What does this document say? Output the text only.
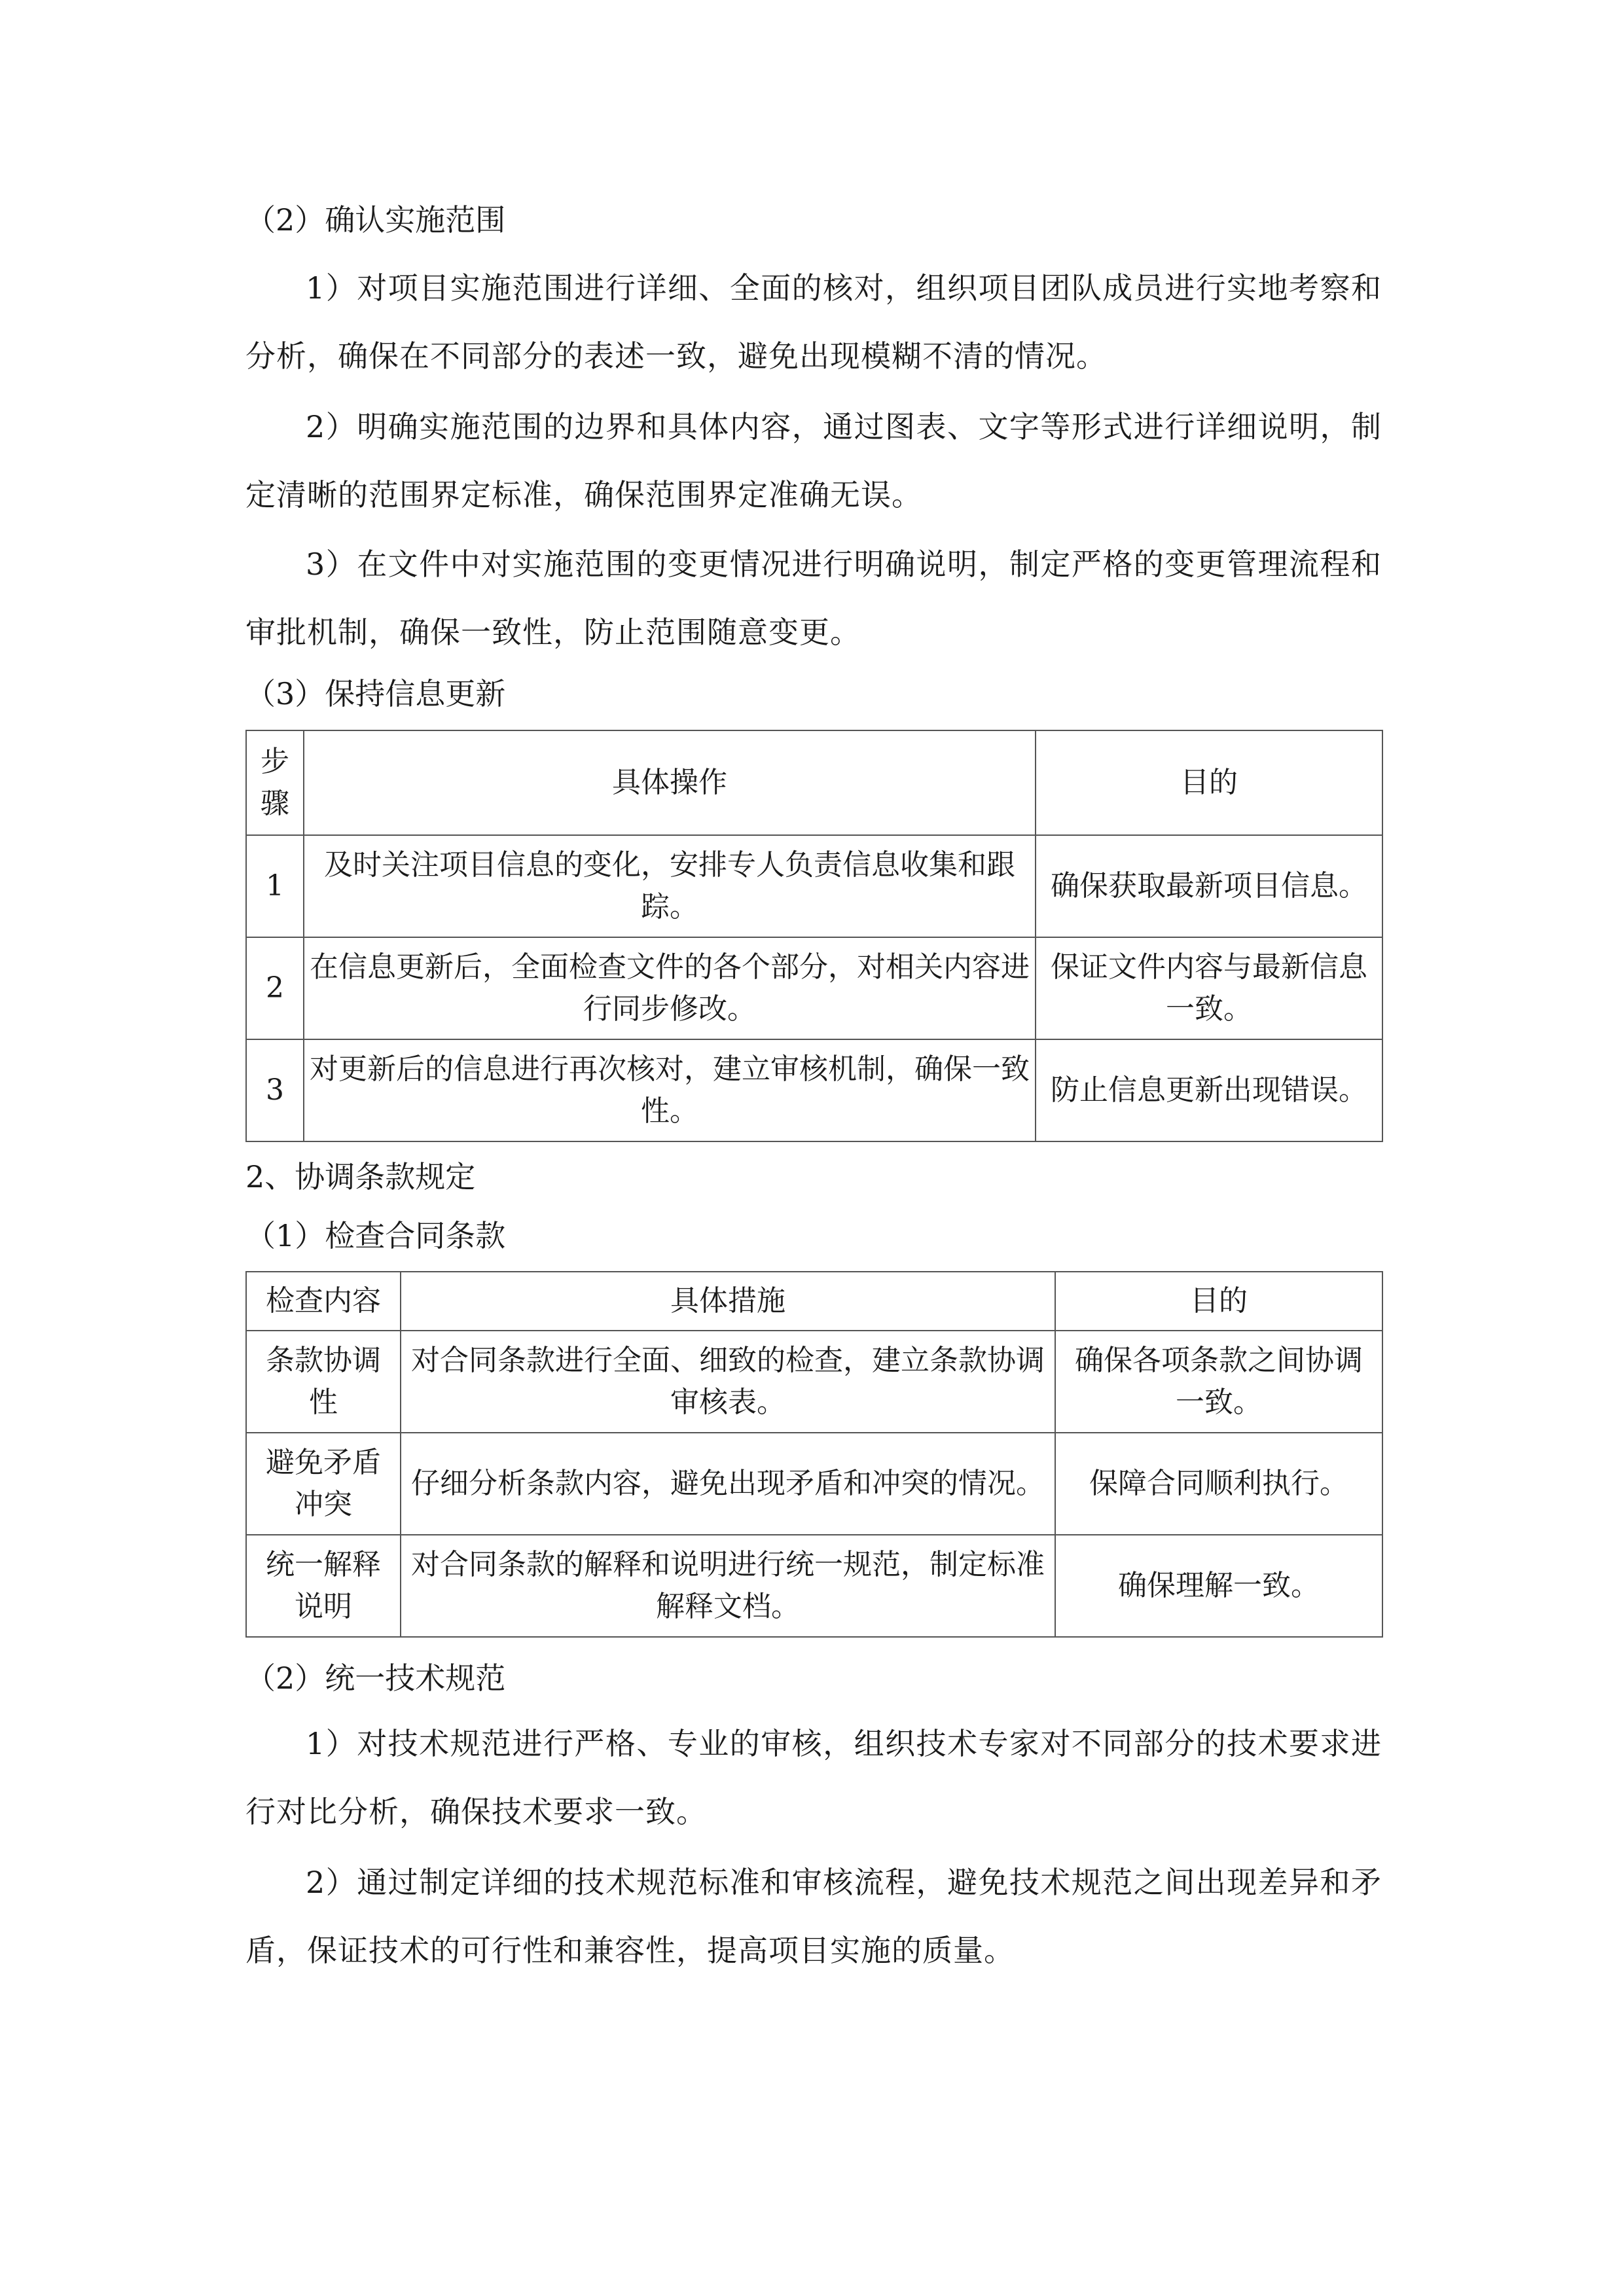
（2）确认实施范围
1）对项目实施范围进行详细、全面的核对，组织项目团队成员进行实地考察和分析，确保在不同部分的表述一致，避免出现模糊不清的情况。
2）明确实施范围的边界和具体内容，通过图表、文字等形式进行详细说明，制定清晰的范围界定标准，确保范围界定准确无误。
3）在文件中对实施范围的变更情况进行明确说明，制定严格的变更管理流程和审批机制，确保一致性，防止范围随意变更。
（3）保持信息更新
步骤	具体操作	目的
1	及时关注项目信息的变化，安排专人负责信息收集和跟踪。	确保获取最新项目信息。
2	在信息更新后，全面检查文件的各个部分，对相关内容进行同步修改。	保证文件内容与最新信息一致。
3	对更新后的信息进行再次核对，建立审核机制，确保一致性。	防止信息更新出现错误。
2、协调条款规定
（1）检查合同条款
检查内容	具体措施	目的
条款协调性	对合同条款进行全面、细致的检查，建立条款协调审核表。	确保各项条款之间协调一致。
避免矛盾冲突	仔细分析条款内容，避免出现矛盾和冲突的情况。	保障合同顺利执行。
统一解释说明	对合同条款的解释和说明进行统一规范，制定标准解释文档。	确保理解一致。
（2）统一技术规范
1）对技术规范进行严格、专业的审核，组织技术专家对不同部分的技术要求进行对比分析，确保技术要求一致。
2）通过制定详细的技术规范标准和审核流程，避免技术规范之间出现差异和矛盾，保证技术的可行性和兼容性，提高项目实施的质量。
